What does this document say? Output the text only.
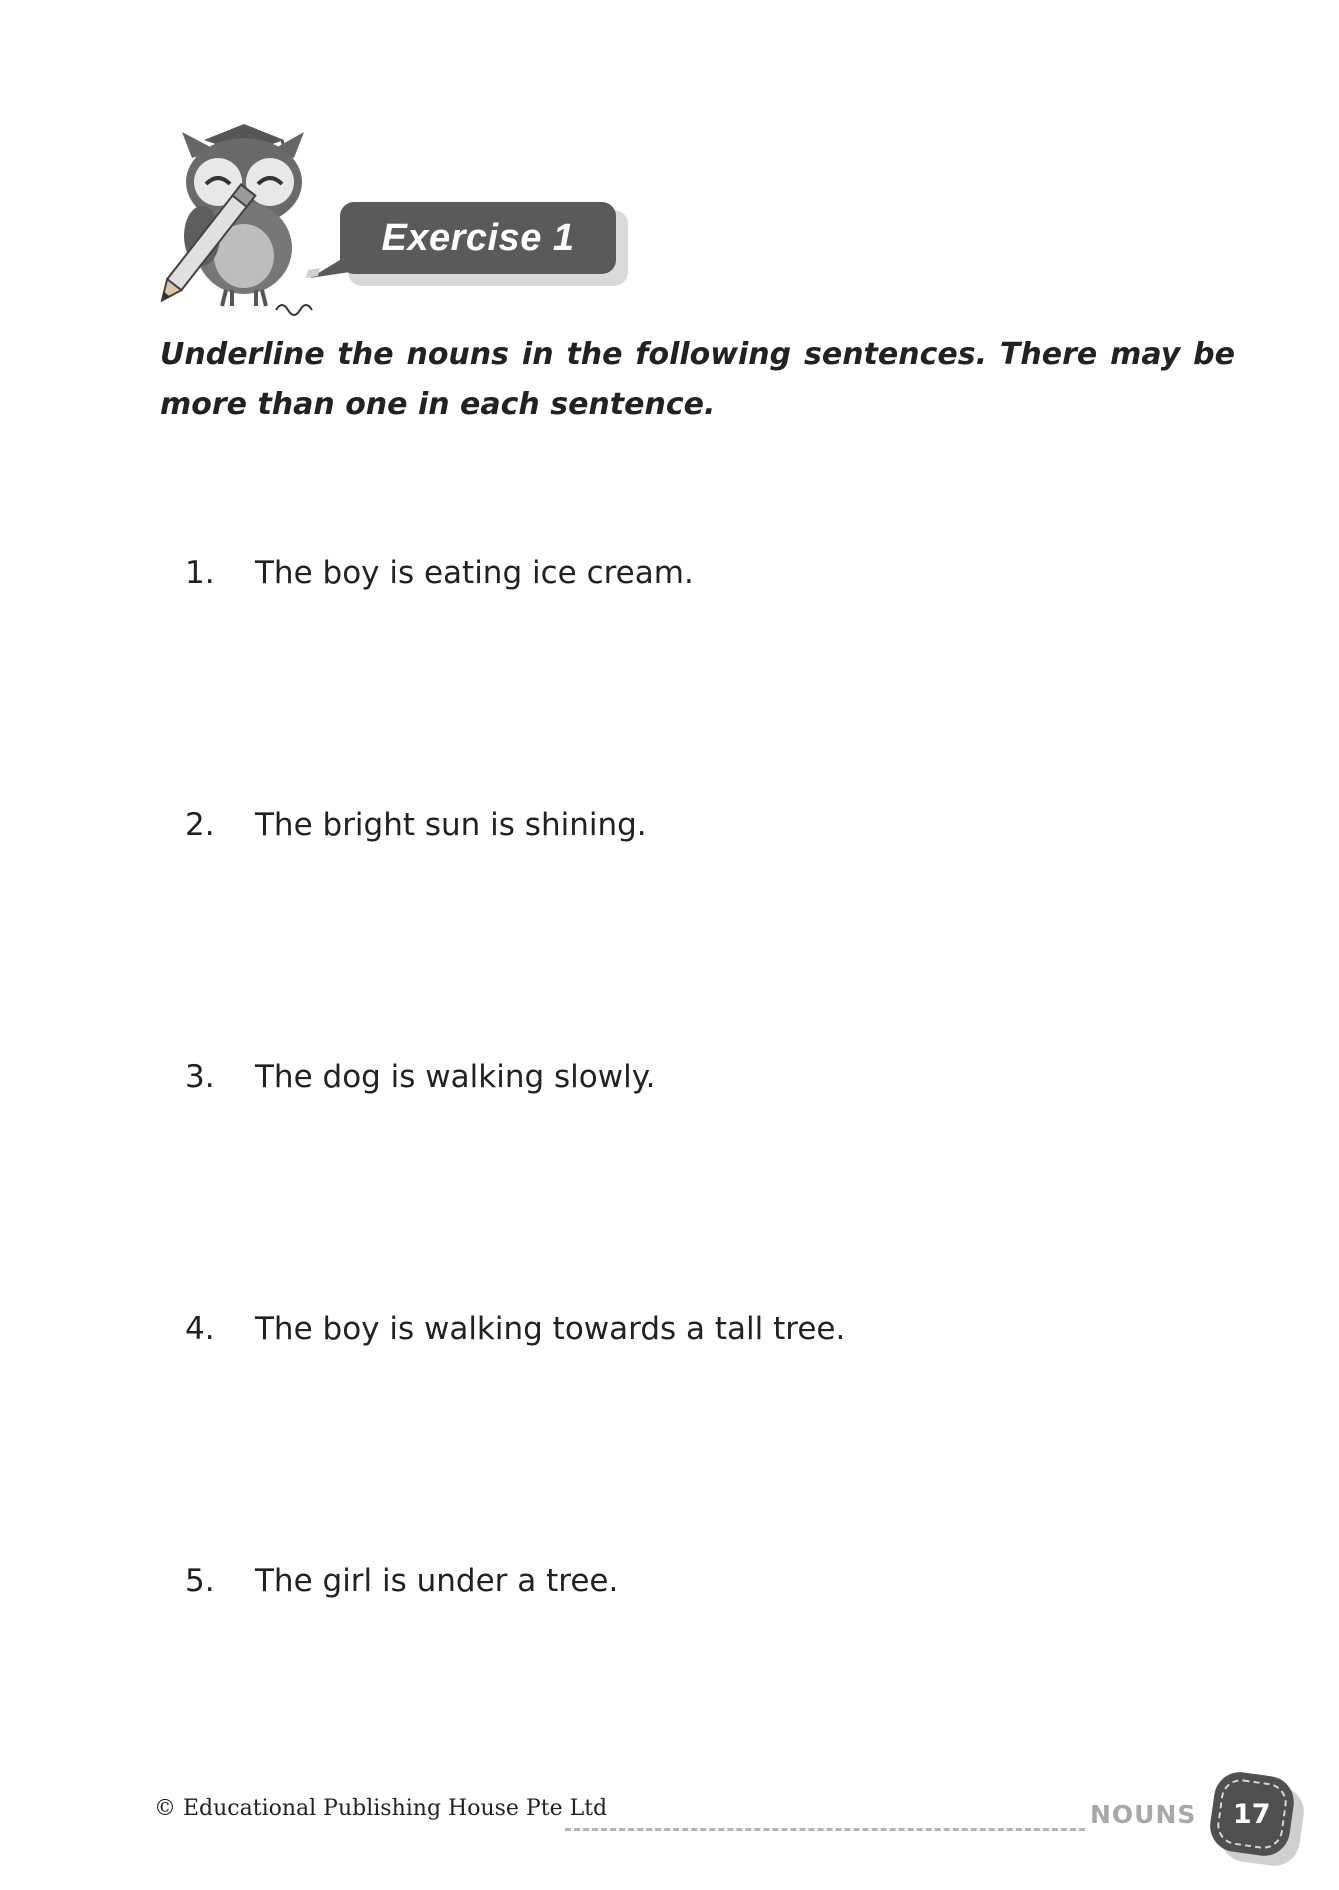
Exercise 1
Underline the nouns in the following sentences. There may be more than one in each sentence.
1. The boy is eating ice cream.
2. The bright sun is shining.
3. The dog is walking slowly.
4. The boy is walking towards a tall tree.
5. The girl is under a tree.
© Educational Publishing House Pte Ltd	NOUNS 17
